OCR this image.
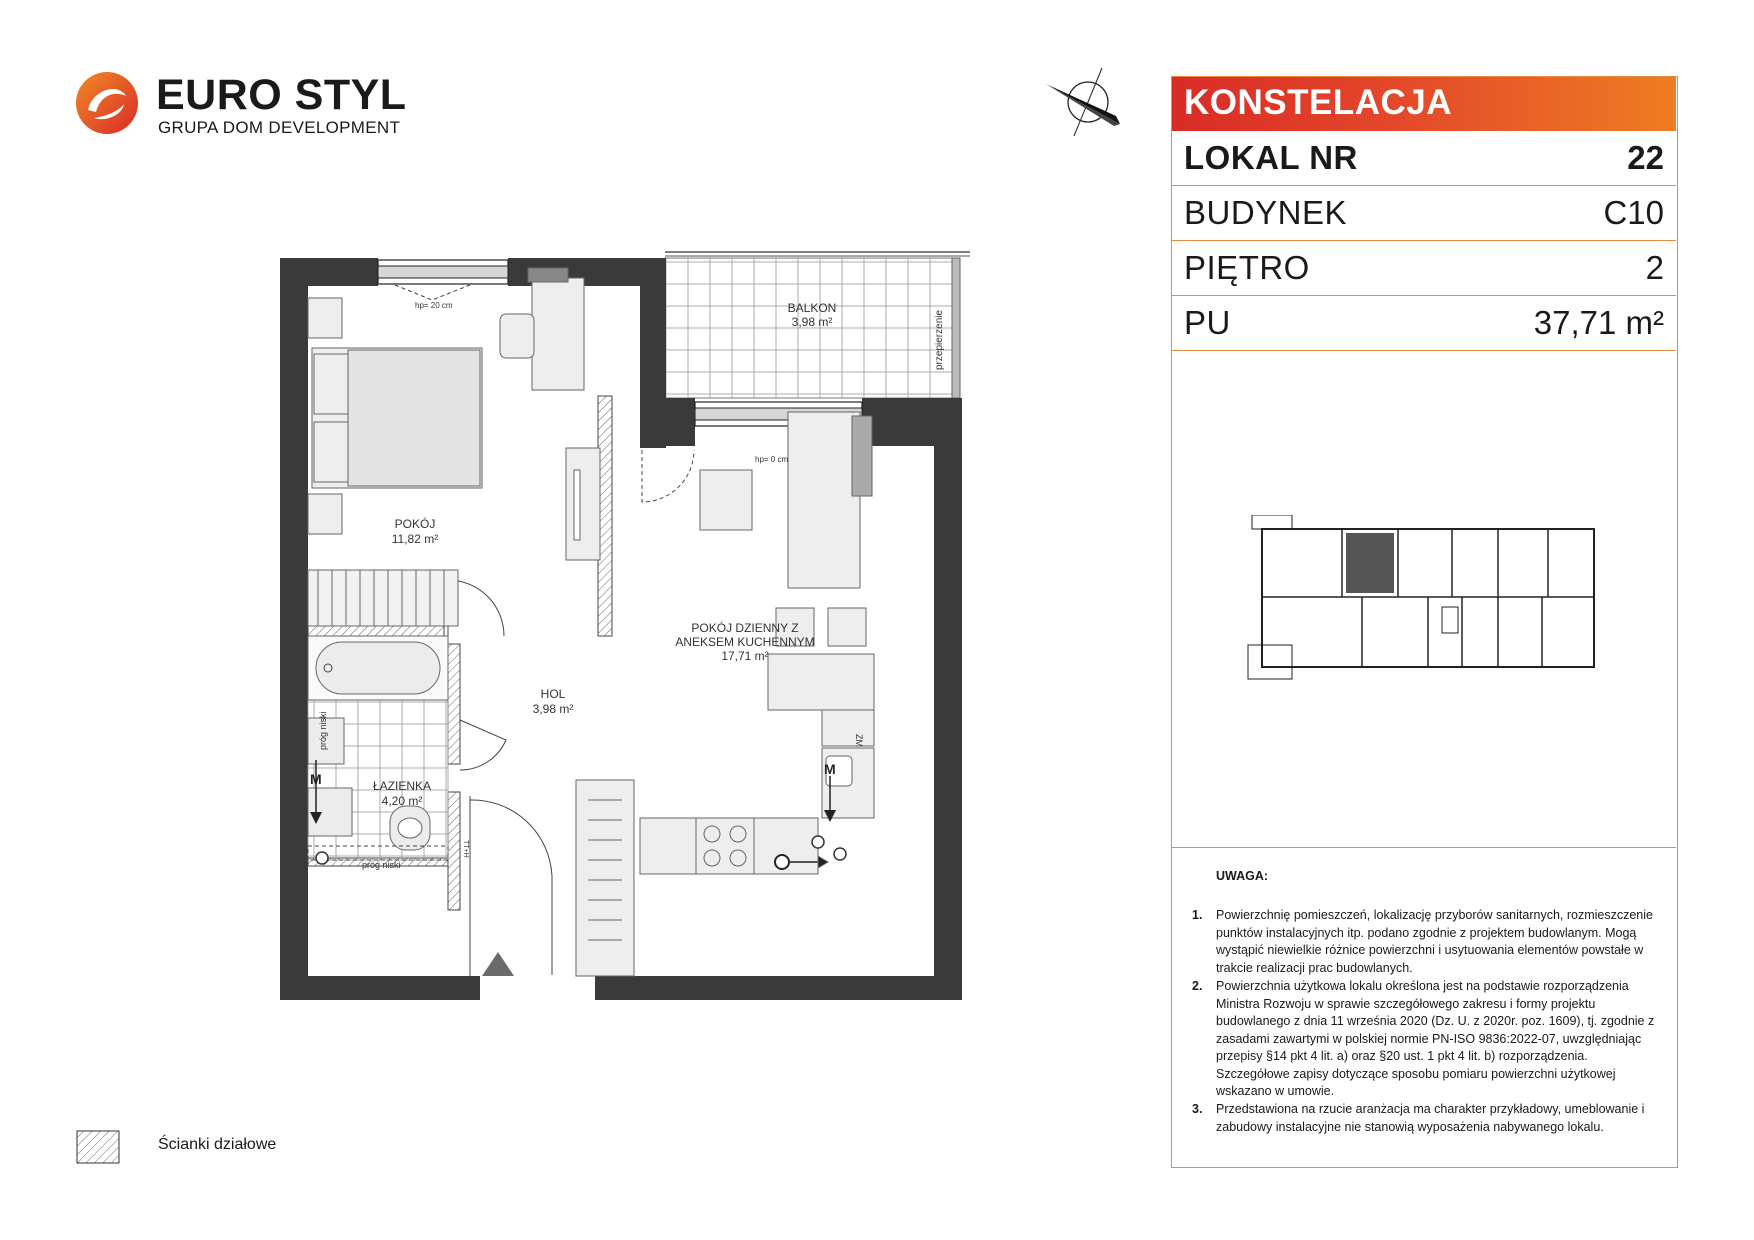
EURO STYL
GRUPA DOM DEVELOPMENT
BALKON
3,98 m²
POKÓJ
11,82 m²
POKÓJ DZIENNY Z
ANEKSEM KUCHENNYM
17,71 m²
HOL
3,98 m²
ŁAZIENKA
4,20 m²
hp= 20 cm
hp= 0 cm
przepierzenie
próg niski
próg niski
ZM
TT+H
M
M
KONSTELACJA
LOKAL NR	22
BUDYNEK	C10
PIĘTRO	2
PU	37,71 m²
UWAGA:
1. Powierzchnię pomieszczeń, lokalizację przyborów sanitarnych, rozmieszczenie punktów instalacyjnych itp. podano zgodnie z projektem budowlanym. Mogą wystąpić niewielkie różnice powierzchni i usytuowania elementów powstałe w trakcie realizacji prac budowlanych.
2. Powierzchnia użytkowa lokalu określona jest na podstawie rozporządzenia Ministra Rozwoju w sprawie szczegółowego zakresu i formy projektu budowlanego z dnia 11 września 2020 (Dz. U. z 2020r. poz. 1609), tj. zgodnie z zasadami zawartymi w polskiej normie PN-ISO 9836:2022-07, uwzględniając przepisy §14 pkt 4 lit. a) oraz §20 ust. 1 pkt 4 lit. b) rozporządzenia. Szczegółowe zapisy dotyczące sposobu pomiaru powierzchni użytkowej wskazano w umowie.
3. Przedstawiona na rzucie aranżacja ma charakter przykładowy, umeblowanie i zabudowy instalacyjne nie stanowią wyposażenia nabywanego lokalu.
Ścianki działowe
